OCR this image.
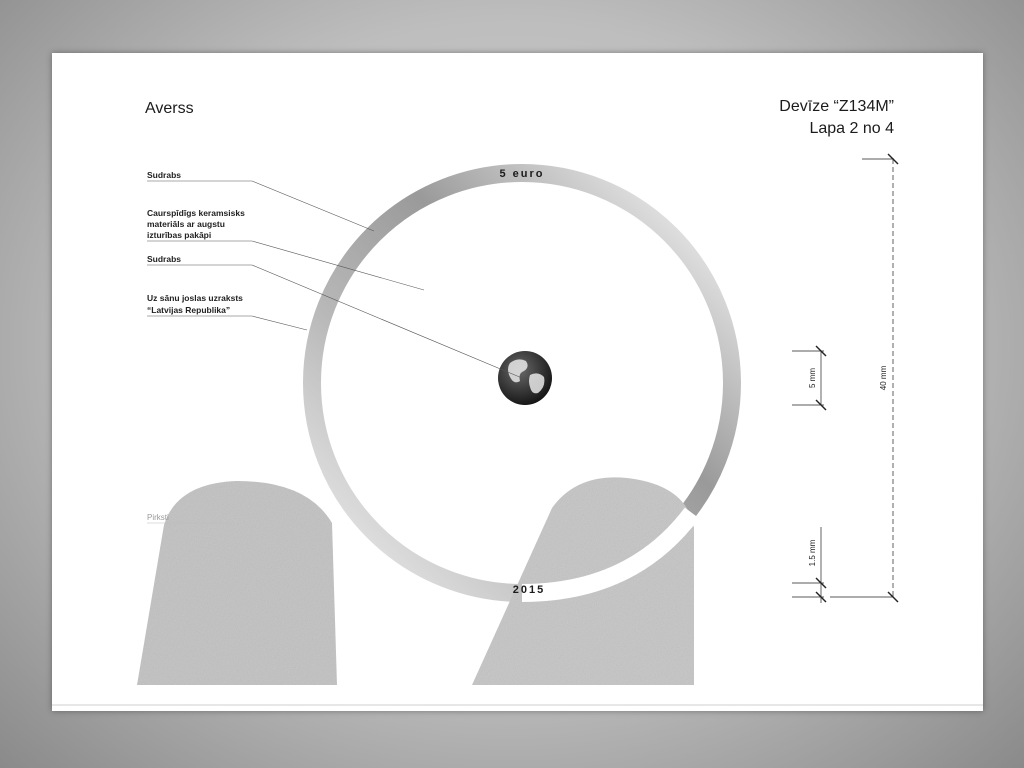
Averss	Devīze “Z134M”
Lapa 2 no 4
5 euro
2015
Sudrabs
Caurspīdīgs keramsisks
materiāls ar augstu
izturības pakāpi
Sudrabs
Uz sānu joslas uzraksts
“Latvijas Republika”
Pirksti
5 mm	40 mm
1.5 mm
